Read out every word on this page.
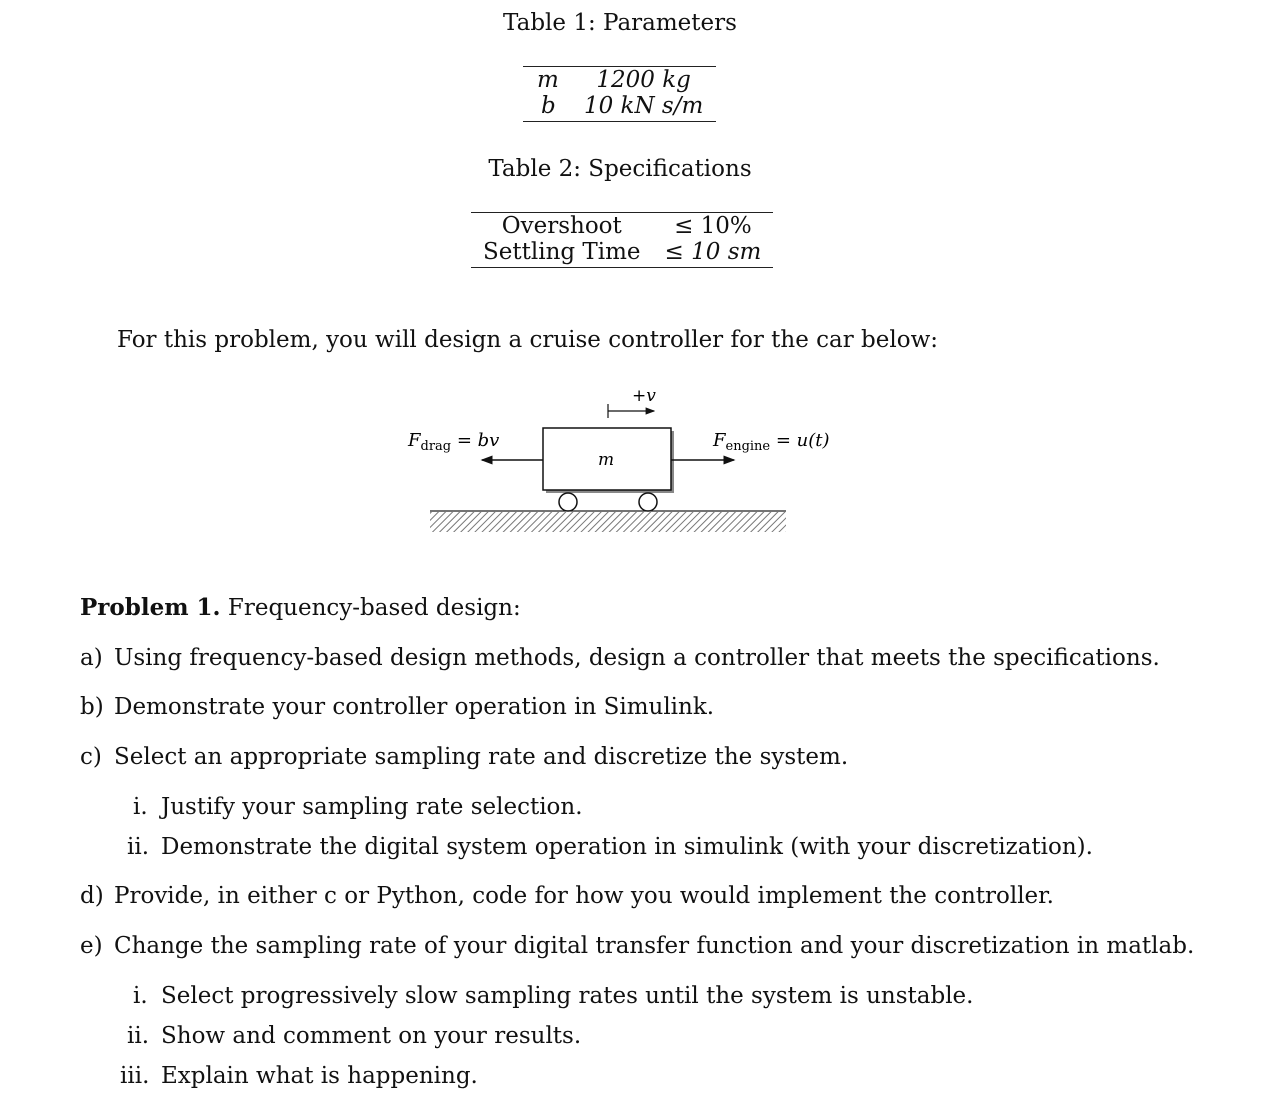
Table 1: Parameters
m	1200 kg
b	10 kN s/m
Table 2: Specifications
Overshoot	≤ 10%
Settling Time	≤ 10 sm
For this problem, you will design a cruise controller for the car below:
+v
m
$F_{drag}$ = bv	$F_{engine} = u(t)$
Problem 1. Frequency-based design:
a) Using frequency-based design methods, design a controller that meets the specifications.
b) Demonstrate your controller operation in Simulink.
c) Select an appropriate sampling rate and discretize the system.
i. Justify your sampling rate selection.
ii. Demonstrate the digital system operation in simulink (with your discretization).
d) Provide, in either c or Python, code for how you would implement the controller.
e) Change the sampling rate of your digital transfer function and your discretization in matlab.
i. Select progressively slow sampling rates until the system is unstable.
ii. Show and comment on your results.
iii. Explain what is happening.
